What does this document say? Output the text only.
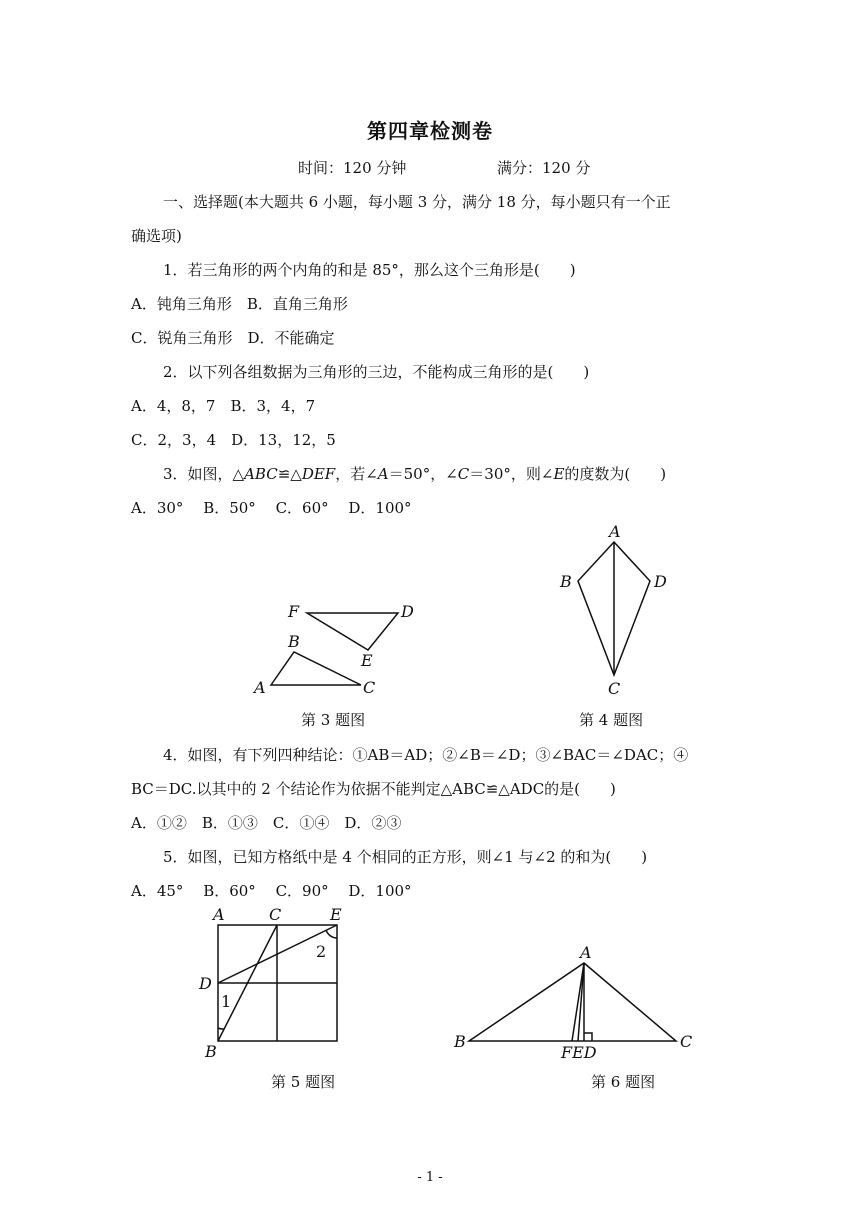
第四章检测卷
时间：120 分钟	满分：120 分
一、选择题(本大题共 6 小题，每小题 3 分，满分 18 分，每小题只有一个正
确选项)
1．若三角形的两个内角的和是 85°，那么这个三角形是(　　)
A．钝角三角形　B．直角三角形
C．锐角三角形　D．不能确定
2．以下列各组数据为三角形的三边，不能构成三角形的是(　　)
A．4，8，7　B．3，4，7
C．2，3，4　D．13，12，5
3．如图，△ABC≌△DEF，若∠A＝50°，∠C＝30°，则∠E的度数为(　　)
A．30°　 B．50°　 C．60°　 D．100°
F	D
B
E
A	C
第 3 题图
A
B	D
C
第 4 题图
4．如图，有下列四种结论：①AB＝AD；②∠B＝∠D；③∠BAC＝∠DAC；④
BC＝DC.以其中的 2 个结论作为依据不能判定△ABC≌△ADC的是(　　)
A．①②　B．①③　C．①④　D．②③
5．如图，已知方格纸中是 4 个相同的正方形，则∠1 与∠2 的和为(　　)
A．45°　 B．60°　 C．90°　 D．100°
A	C	E
D
B
1
2
第 5 题图
A
B
FED
C
第 6 题图
- 1 -
